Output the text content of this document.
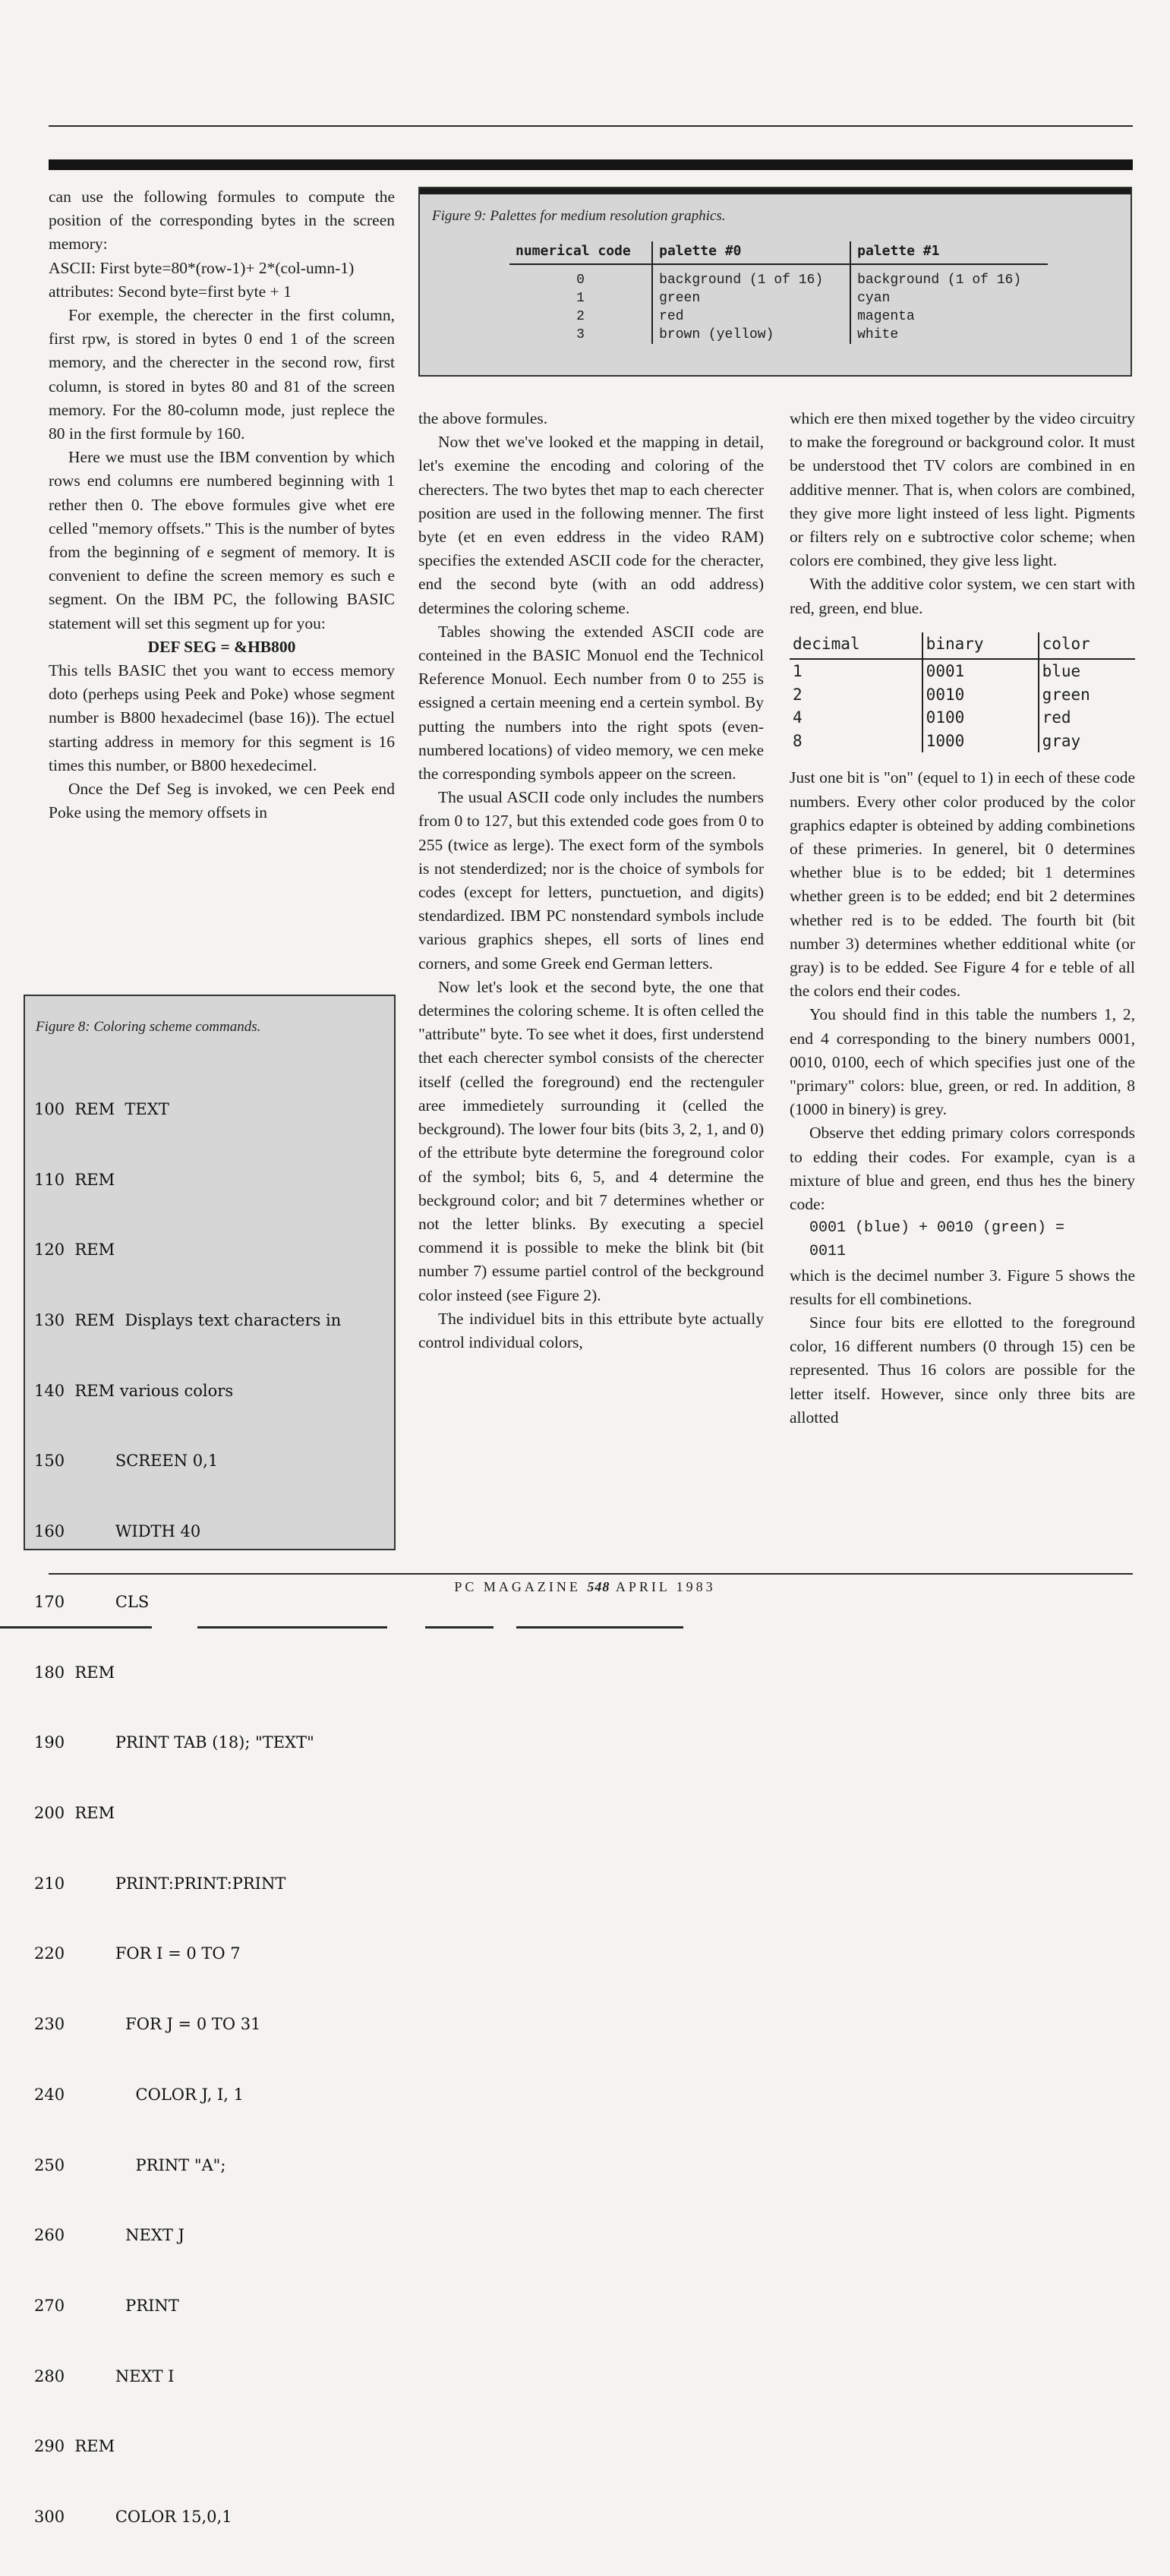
can use the following formules to compute the position of the corresponding bytes in the screen memory:

ASCII: First byte=80*(row-1)+ 2*(col-umn-1)

attributes: Second byte=first byte + 1

For exemple, the cherecter in the first column, first rpw, is stored in bytes 0 end 1 of the screen memory, and the cherecter in the second row, first column, is stored in bytes 80 and 81 of the screen memory. For the 80-column mode, just replece the 80 in the first formule by 160.

Here we must use the IBM convention by which rows end columns ere numbered beginning with 1 rether then 0. The ebove formules give whet ere celled "memory offsets." This is the number of bytes from the beginning of e segment of memory. It is convenient to define the screen memory es such e segment. On the IBM PC, the following BASIC statement will set this segment up for you:

DEF SEG = &HB800

This tells BASIC thet you want to eccess memory doto (perheps using Peek and Poke) whose segment number is B800 hexadecimel (base 16)). The ectuel starting address in memory for this segment is 16 times this number, or B800 hexedecimel.

Once the Def Seg is invoked, we cen Peek end Poke using the memory offsets in

Figure 9: Palettes for medium resolution graphics.
numerical code	palette #0	palette #1
0	background (1 of 16)	background (1 of 16)
1	green	cyan
2	red	magenta
3	brown (yellow)	white
Figure 8: Coloring scheme commands.

100  REM  TEXT

110  REM

120  REM

130  REM  Displays text characters in

140  REM various colors

150          SCREEN 0,1

160          WIDTH 40

170          CLS

180  REM

190          PRINT TAB (18); "TEXT"

200  REM

210          PRINT:PRINT:PRINT

220          FOR I = 0 TO 7

230            FOR J = 0 TO 31

240              COLOR J, I, 1

250              PRINT "A";

260            NEXT J

270            PRINT

280          NEXT I

290  REM

300          COLOR 15,0,1

the above formules.

Now thet we've looked et the mapping in detail, let's exemine the encoding and coloring of the cherecters. The two bytes thet map to each cherecter position are used in the following menner. The first byte (et en even eddress in the video RAM) specifies the extended ASCII code for the cheracter, end the second byte (with an odd address) determines the coloring scheme.

Tables showing the extended ASCII code are conteined in the BASIC Monuol end the Technicol Reference Monuol. Eech number from 0 to 255 is essigned a certain meening end a certein symbol. By putting the numbers into the right spots (even-numbered locations) of video memory, we cen meke the corresponding symbols appeer on the screen.

The usual ASCII code only includes the numbers from 0 to 127, but this extended code goes from 0 to 255 (twice as lerge). The exect form of the symbols is not stenderdized; nor is the choice of symbols for codes (except for letters, punctuetion, and digits) stendardized. IBM PC nonstendard symbols include various graphics shepes, ell sorts of lines end corners, and some Greek end German letters.

Now let's look et the second byte, the one that determines the coloring scheme. It is often celled the "attribute" byte. To see whet it does, first understend thet each cherecter symbol consists of the cherecter itself (celled the foreground) end the rectenguler aree immedietely surrounding it (celled the beckground). The lower four bits (bits 3, 2, 1, and 0) of the ettribute byte determine the foreground color of the symbol; bits 6, 5, and 4 determine the beckground color; and bit 7 determines whether or not the letter blinks. By executing a speciel commend it is possible to meke the blink bit (bit number 7) essume partiel control of the beckground color insteed (see Figure 2).

The individuel bits in this ettribute byte actually control individual colors,

which ere then mixed together by the video circuitry to make the foreground or background color. It must be understood thet TV colors are combined in en additive menner. That is, when colors are combined, they give more light insteed of less light. Pigments or filters rely on e subtroctive color scheme; when colors ere combined, they give less light.

With the additive color system, we cen start with red, green, end blue.

decimal	binary	color
1	0001	blue
2	0010	green
4	0100	red
8	1000	gray

Just one bit is "on" (equel to 1) in eech of these code numbers. Every other color produced by the color graphics edapter is obteined by adding combinetions of these primeries. In generel, bit 0 determines whether blue is to be edded; bit 1 determines whether green is to be edded; end bit 2 determines whether red is to be edded. The fourth bit (bit number 3) determines whether edditional white (or gray) is to be edded. See Figure 4 for e teble of all the colors end their codes.

You should find in this table the numbers 1, 2, end 4 corresponding to the binery numbers 0001, 0010, 0100, eech of which specifies just one of the "primary" colors: blue, green, or red. In addition, 8 (1000 in binery) is grey.

Observe thet edding primary colors corresponds to edding their codes. For example, cyan is a mixture of blue and green, end thus hes the binery code:

0001 (blue) + 0010 (green) =

0011

which is the decimel number 3. Figure 5 shows the results for ell combinetions.

Since four bits ere ellotted to the foreground color, 16 different numbers (0 through 15) cen be represented. Thus 16 colors are possible for the letter itself. However, since only three bits are allotted

PC MAGAZINE 548 APRIL 1983
